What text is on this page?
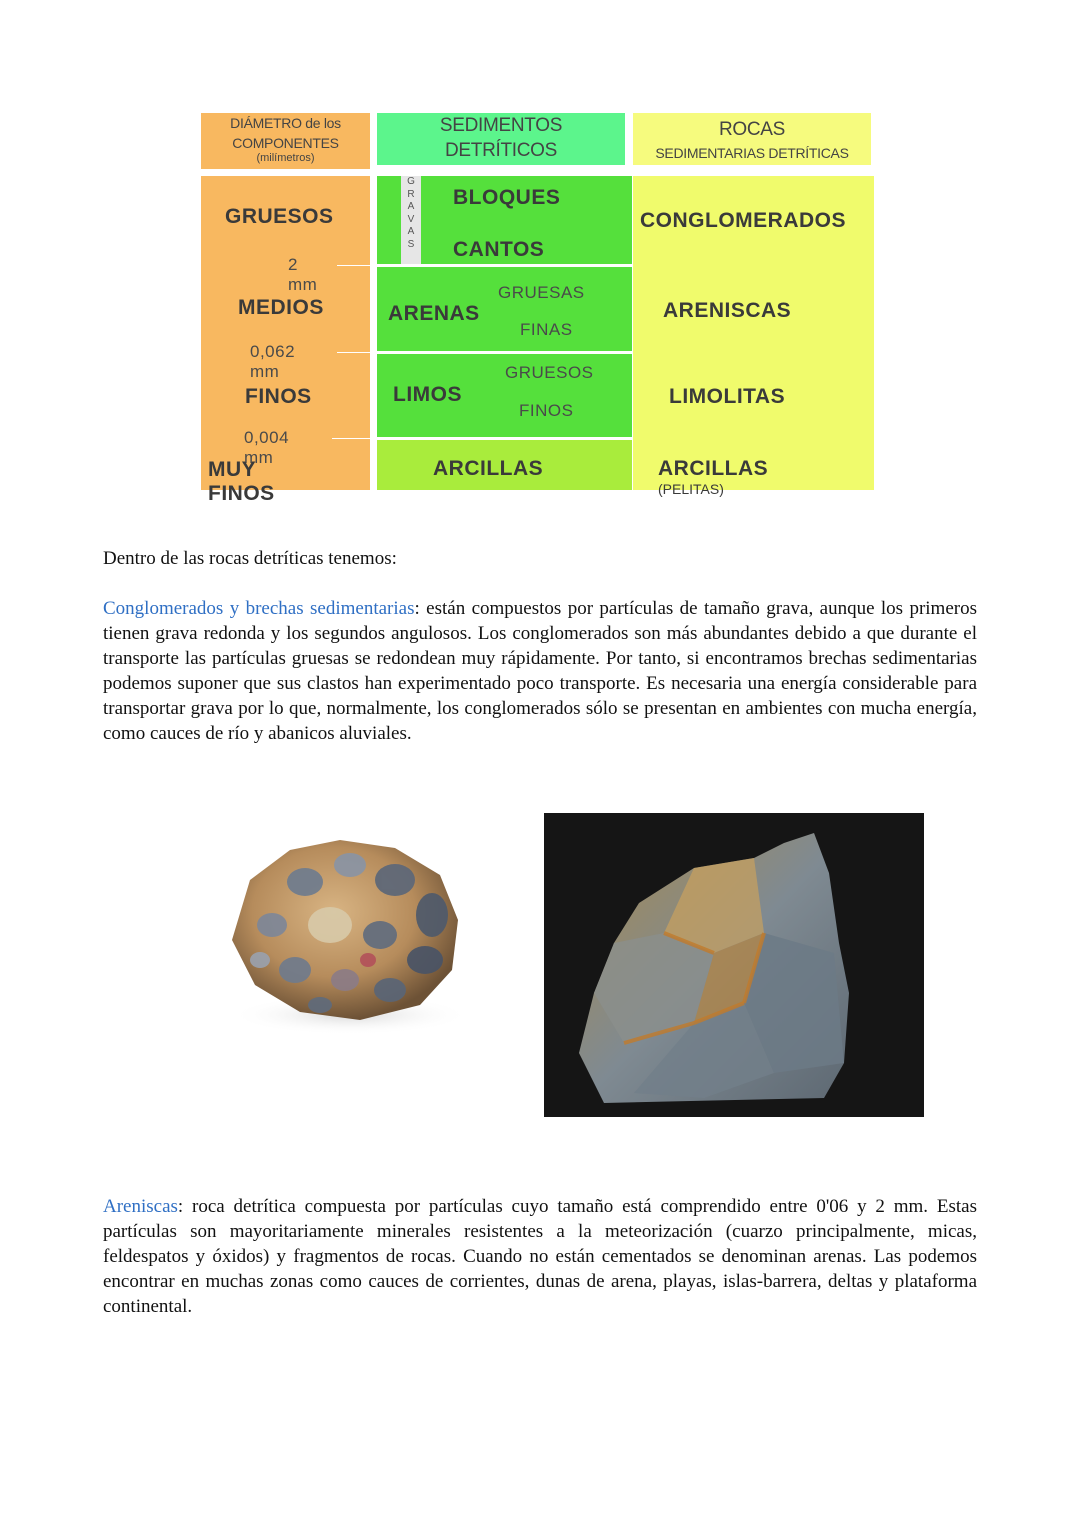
DIÁMETRO de los
COMPONENTES
(milímetros)
SEDIMENTOS
DETRÍTICOS
ROCAS
SEDIMENTARIAS DETRÍTICAS
GRUESOS
2 mm
MEDIOS
0,062 mm
FINOS
0,004 mm
MUY FINOS
G
R
A
V
A
S
BLOQUES
CANTOS
ARENAS
GRUESAS
FINAS
LIMOS
GRUESOS
FINOS
ARCILLAS
CONGLOMERADOS
ARENISCAS
LIMOLITAS
ARCILLAS (PELITAS)
Dentro de las rocas detríticas tenemos:
Conglomerados y brechas sedimentarias: están compuestos por partículas de tamaño grava, aunque los primeros tienen grava redonda y los segundos angulosos. Los conglomerados son más abundantes debido a que durante el transporte las partículas gruesas se redondean muy rápidamente. Por tanto, si encontramos brechas sedimentarias podemos suponer que sus clastos han experimentado poco transporte. Es necesaria una energía considerable para transportar grava por lo que, normalmente, los conglomerados sólo se presentan en ambientes con mucha energía, como cauces de río y abanicos aluviales.
Areniscas: roca detrítica compuesta por partículas cuyo tamaño está comprendido entre 0'06 y 2 mm. Estas partículas son mayoritariamente minerales resistentes a la meteorización (cuarzo principalmente, micas, feldespatos y óxidos) y fragmentos de rocas. Cuando no están cementados se denominan arenas. Las podemos encontrar en muchas zonas como cauces de corrientes, dunas de arena, playas, islas-barrera, deltas y plataforma continental.
